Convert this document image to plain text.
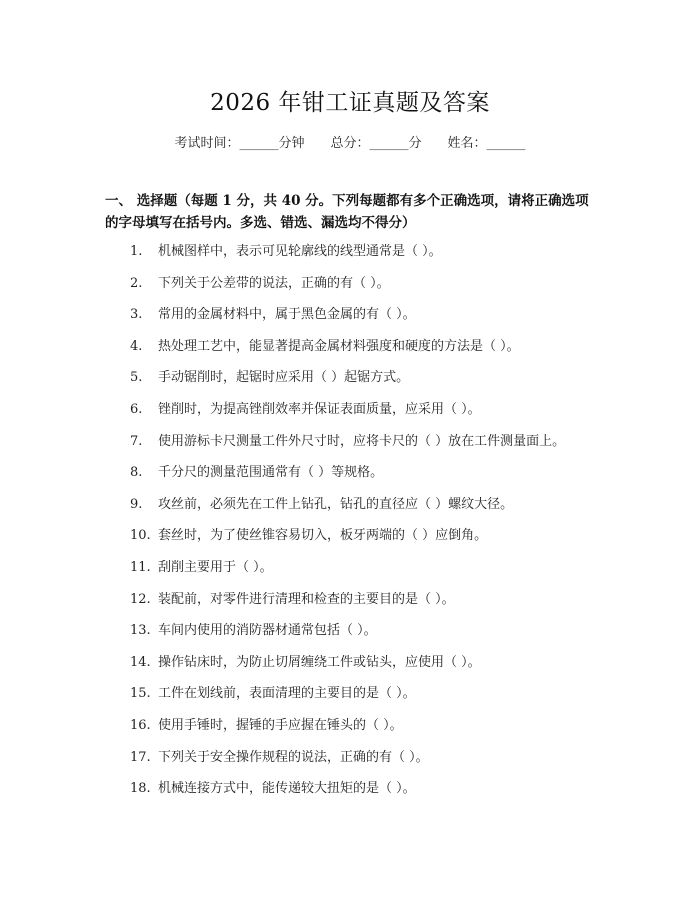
2026 年钳工证真题及答案
考试时间：______分钟 总分：______分 姓名：______
一、 选择题（每题 1 分，共 40 分。下列每题都有多个正确选项，请将正确选项的字母填写在括号内。多选、错选、漏选均不得分）
1. 机械图样中，表示可见轮廓线的线型通常是（ ）。
2. 下列关于公差带的说法，正确的有（ ）。
3. 常用的金属材料中，属于黑色金属的有（ ）。
4. 热处理工艺中，能显著提高金属材料强度和硬度的方法是（ ）。
5. 手动锯削时，起锯时应采用（ ）起锯方式。
6. 锉削时，为提高锉削效率并保证表面质量，应采用（ ）。
7. 使用游标卡尺测量工件外尺寸时，应将卡尺的（ ）放在工件测量面上。
8. 千分尺的测量范围通常有（ ）等规格。
9. 攻丝前，必须先在工件上钻孔，钻孔的直径应（ ）螺纹大径。
10. 套丝时，为了使丝锥容易切入，板牙两端的（ ）应倒角。
11. 刮削主要用于（ ）。
12. 装配前，对零件进行清理和检查的主要目的是（ ）。
13. 车间内使用的消防器材通常包括（ ）。
14. 操作钻床时，为防止切屑缠绕工件或钻头，应使用（ ）。
15. 工件在划线前，表面清理的主要目的是（ ）。
16. 使用手锤时，握锤的手应握在锤头的（ ）。
17. 下列关于安全操作规程的说法，正确的有（ ）。
18. 机械连接方式中，能传递较大扭矩的是（ ）。
